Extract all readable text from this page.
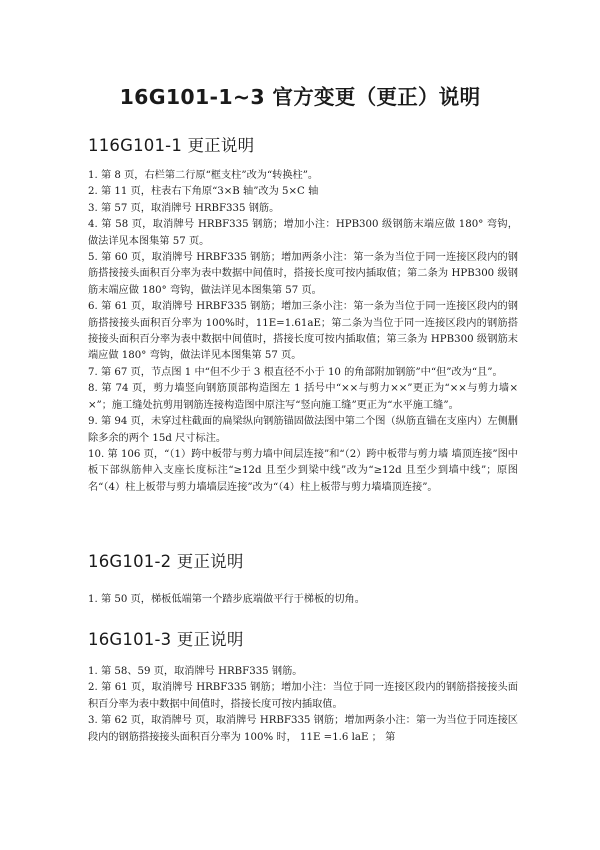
16G101-1~3 官方变更（更正）说明
116G101-1 更正说明
1. 第 8 页，右栏第二行原“框支柱”改为“转换柱”。
2. 第 11 页，柱表右下角原“3×B 轴”改为 5×C 轴
3. 第 57 页，取消牌号 HRBF335 钢筋。
4. 第 58 页，取消牌号 HRBF335 钢筋；增加小注：HPB300 级钢筋末端应做 180° 弯钩，做法详见本图集第 57 页。
5. 第 60 页，取消牌号 HRBF335 钢筋；增加两条小注：第一条为当位于同一连接区段内的钢筋搭接接头面积百分率为表中数据中间值时，搭接长度可按内插取值；第二条为 HPB300 级钢筋末端应做 180° 弯钩，做法详见本图集第 57 页。
6. 第 61 页，取消牌号 HRBF335 钢筋；增加三条小注：第一条为当位于同一连接区段内的钢筋搭接接头面积百分率为 100%时，11E=1.61aE；第二条为当位于同一连接区段内的钢筋搭接接头面积百分率为表中数据中间值时，搭接长度可按内插取值；第三条为 HPB300 级钢筋末端应做 180° 弯钩，做法详见本图集第 57 页。
7. 第 67 页，节点图 1 中“但不少于 3 根直径不小于 10 的角部附加钢筋”中“但”改为“且”。
8. 第 74 页，剪力墙竖向钢筋顶部构造图左 1 括号中“××与剪力××”更正为“××与剪力墙××”；施工缝处抗剪用钢筋连接构造图中原注写“竖向施工缝”更正为“水平施工缝”。
9. 第 94 页，未穿过柱截面的扁梁纵向钢筋锚固做法图中第二个图（纵筋直锚在支座内）左侧删除多余的两个 15d 尺寸标注。
10. 第 106 页，“（1）跨中板带与剪力墙中间层连接”和“（2）跨中板带与剪力墙 墙顶连接”图中板下部纵筋伸入支座长度标注“≥12d 且至少到梁中线”改为“≥12d 且至少到墙中线”；原图名“（4）柱上板带与剪力墙墙层连接”改为“（4）柱上板带与剪力墙墙顶连接”。
16G101-2 更正说明
1. 第 50 页，梯板低端第一个踏步底端做平行于梯板的切角。
16G101-3 更正说明
1. 第 58、59 页，取消牌号 HRBF335 钢筋。
2. 第 61 页，取消牌号 HRBF335 钢筋；增加小注：当位于同一连接区段内的钢筋搭接接头面积百分率为表中数据中间值时，搭接长度可按内插取值。
3. 第 62 页，取消牌号 页，取消牌号 HRBF335 钢筋；增加两条小注：第一为当位于同连接区段内的钢筋搭接接头面积百分率为 100% 时， 11E =1.6 laE ； 第
